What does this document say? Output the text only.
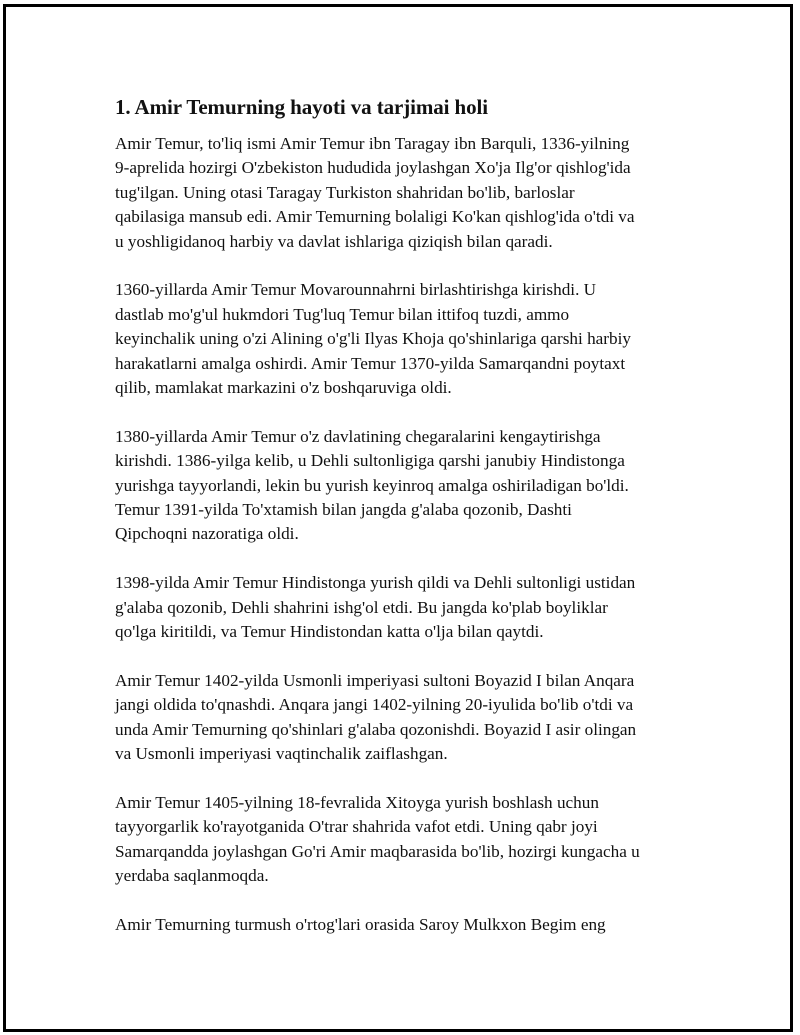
1. Amir Temurning hayoti va tarjimai holi
Amir Temur, to'liq ismi Amir Temur ibn Taragay ibn Barquli, 1336-yilning
9-aprelida hozirgi O'zbekiston hududida joylashgan Xo'ja Ilg'or qishlog'ida
tug'ilgan. Uning otasi Taragay Turkiston shahridan bo'lib, barloslar
qabilasiga mansub edi. Amir Temurning bolaligi Ko'kan qishlog'ida o'tdi va
u yoshligidanoq harbiy va davlat ishlariga qiziqish bilan qaradi.
1360-yillarda Amir Temur Movarounnahrni birlashtirishga kirishdi. U
dastlab mo'g'ul hukmdori Tug'luq Temur bilan ittifoq tuzdi, ammo
keyinchalik uning o'zi Alining o'g'li Ilyas Khoja qo'shinlariga qarshi harbiy
harakatlarni amalga oshirdi. Amir Temur 1370-yilda Samarqandni poytaxt
qilib, mamlakat markazini o'z boshqaruviga oldi.
1380-yillarda Amir Temur o'z davlatining chegaralarini kengaytirishga
kirishdi. 1386-yilga kelib, u Dehli sultonligiga qarshi janubiy Hindistonga
yurishga tayyorlandi, lekin bu yurish keyinroq amalga oshiriladigan bo'ldi.
Temur 1391-yilda To'xtamish bilan jangda g'alaba qozonib, Dashti
Qipchoqni nazoratiga oldi.
1398-yilda Amir Temur Hindistonga yurish qildi va Dehli sultonligi ustidan
g'alaba qozonib, Dehli shahrini ishg'ol etdi. Bu jangda ko'plab boyliklar
qo'lga kiritildi, va Temur Hindistondan katta o'lja bilan qaytdi.
Amir Temur 1402-yilda Usmonli imperiyasi sultoni Boyazid I bilan Anqara
jangi oldida to'qnashdi. Anqara jangi 1402-yilning 20-iyulida bo'lib o'tdi va
unda Amir Temurning qo'shinlari g'alaba qozonishdi. Boyazid I asir olingan
va Usmonli imperiyasi vaqtinchalik zaiflashgan.
Amir Temur 1405-yilning 18-fevralida Xitoyga yurish boshlash uchun
tayyorgarlik ko'rayotganida O'trar shahrida vafot etdi. Uning qabr joyi
Samarqandda joylashgan Go'ri Amir maqbarasida bo'lib, hozirgi kungacha u
yerdaba saqlanmoqda.
Amir Temurning turmush o'rtog'lari orasida Saroy Mulkxon Begim eng
